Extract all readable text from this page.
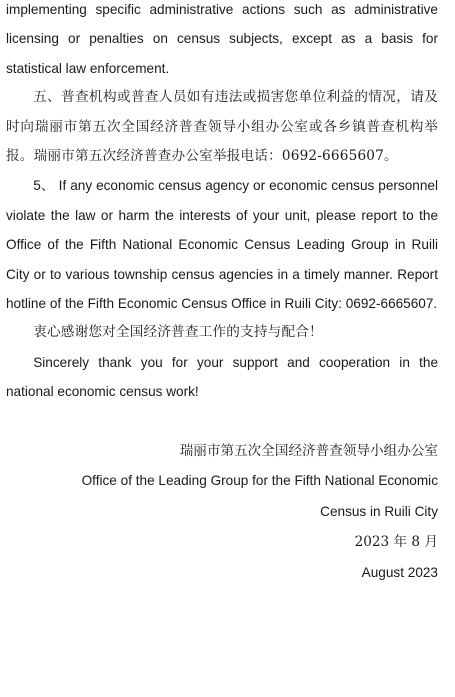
implementing specific administrative actions such as administrative licensing or penalties on census subjects, except as a basis for statistical law enforcement.

五、普查机构或普查人员如有违法或损害您单位利益的情况，请及时向瑞丽市第五次全国经济普查领导小组办公室或各乡镇普查机构举报。瑞丽市第五次经济普查办公室举报电话：0692-6665607。

5、 If any economic census agency or economic census personnel violate the law or harm the interests of your unit, please report to the Office of the Fifth National Economic Census Leading Group in Ruili City or to various township census agencies in a timely manner. Report hotline of the Fifth Economic Census Office in Ruili City: 0692-6665607.

衷心感谢您对全国经济普查工作的支持与配合！

Sincerely thank you for your support and cooperation in the national economic census work!

瑞丽市第五次全国经济普查领导小组办公室
Office of the Leading Group for the Fifth National Economic
Census in Ruili City
2023 年 8 月
August 2023
